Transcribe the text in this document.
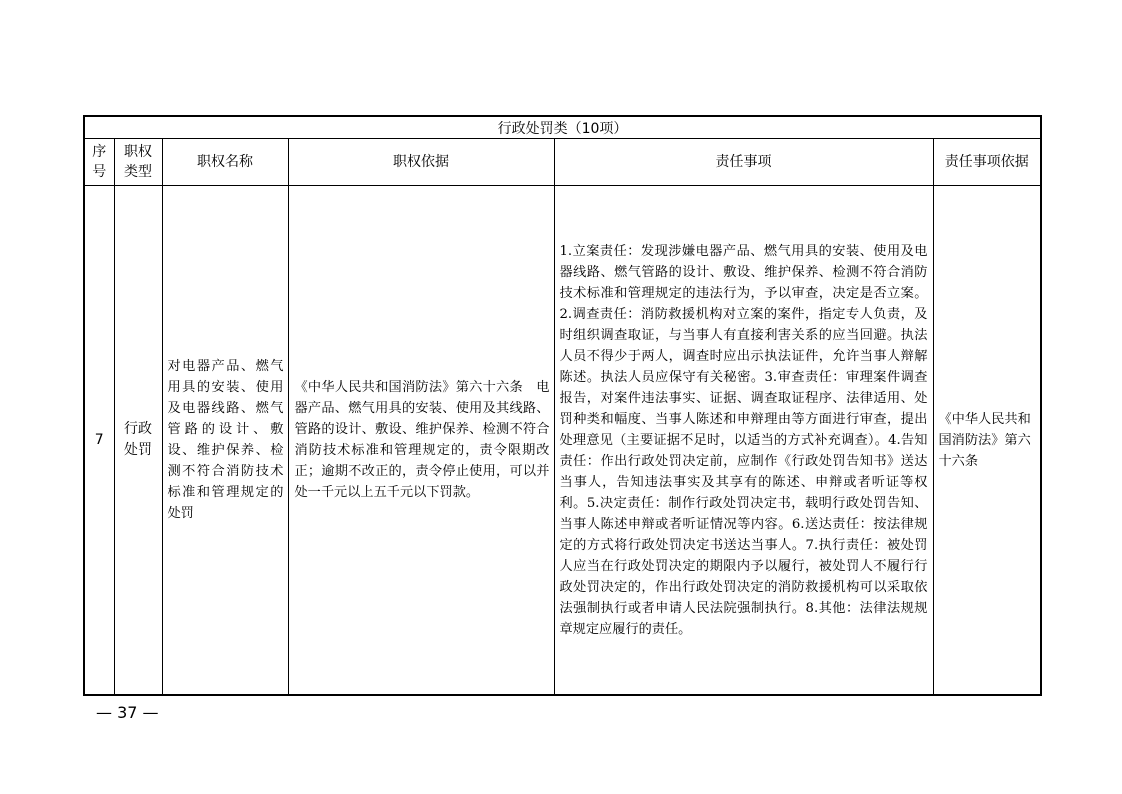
行政处罚类（10项）					

序号	职权类型	职权名称	职权依据	责任事项	责任事项依据
7	行政处罚	对电器产品、燃气用具的安装、使用及电器线路、燃气管路的设计、敷设、维护保养、检测不符合消防技术标准和管理规定的处罚	《中华人民共和国消防法》第六十六条　电器产品、燃气用具的安装、使用及其线路、管路的设计、敷设、维护保养、检测不符合消防技术标准和管理规定的，责令限期改正；逾期不改正的，责令停止使用，可以并处一千元以上五千元以下罚款。	1.立案责任：发现涉嫌电器产品、燃气用具的安装、使用及电器线路、燃气管路的设计、敷设、维护保养、检测不符合消防技术标准和管理规定的违法行为，予以审查，决定是否立案。2.调查责任：消防救援机构对立案的案件，指定专人负责，及时组织调查取证，与当事人有直接利害关系的应当回避。执法人员不得少于两人，调查时应出示执法证件，允许当事人辩解陈述。执法人员应保守有关秘密。3.审查责任：审理案件调查报告，对案件违法事实、证据、调查取证程序、法律适用、处罚种类和幅度、当事人陈述和申辩理由等方面进行审查，提出处理意见（主要证据不足时，以适当的方式补充调查）。4.告知责任：作出行政处罚决定前，应制作《行政处罚告知书》送达当事人，告知违法事实及其享有的陈述、申辩或者听证等权利。5.决定责任：制作行政处罚决定书，载明行政处罚告知、当事人陈述申辩或者听证情况等内容。6.送达责任：按法律规定的方式将行政处罚决定书送达当事人。7.执行责任：被处罚人应当在行政处罚决定的期限内予以履行，被处罚人不履行行政处罚决定的，作出行政处罚决定的消防救援机构可以采取依法强制执行或者申请人民法院强制执行。8.其他：法律法规规章规定应履行的责任。	《中华人民共和国消防法》第六十六条
— 37 —
